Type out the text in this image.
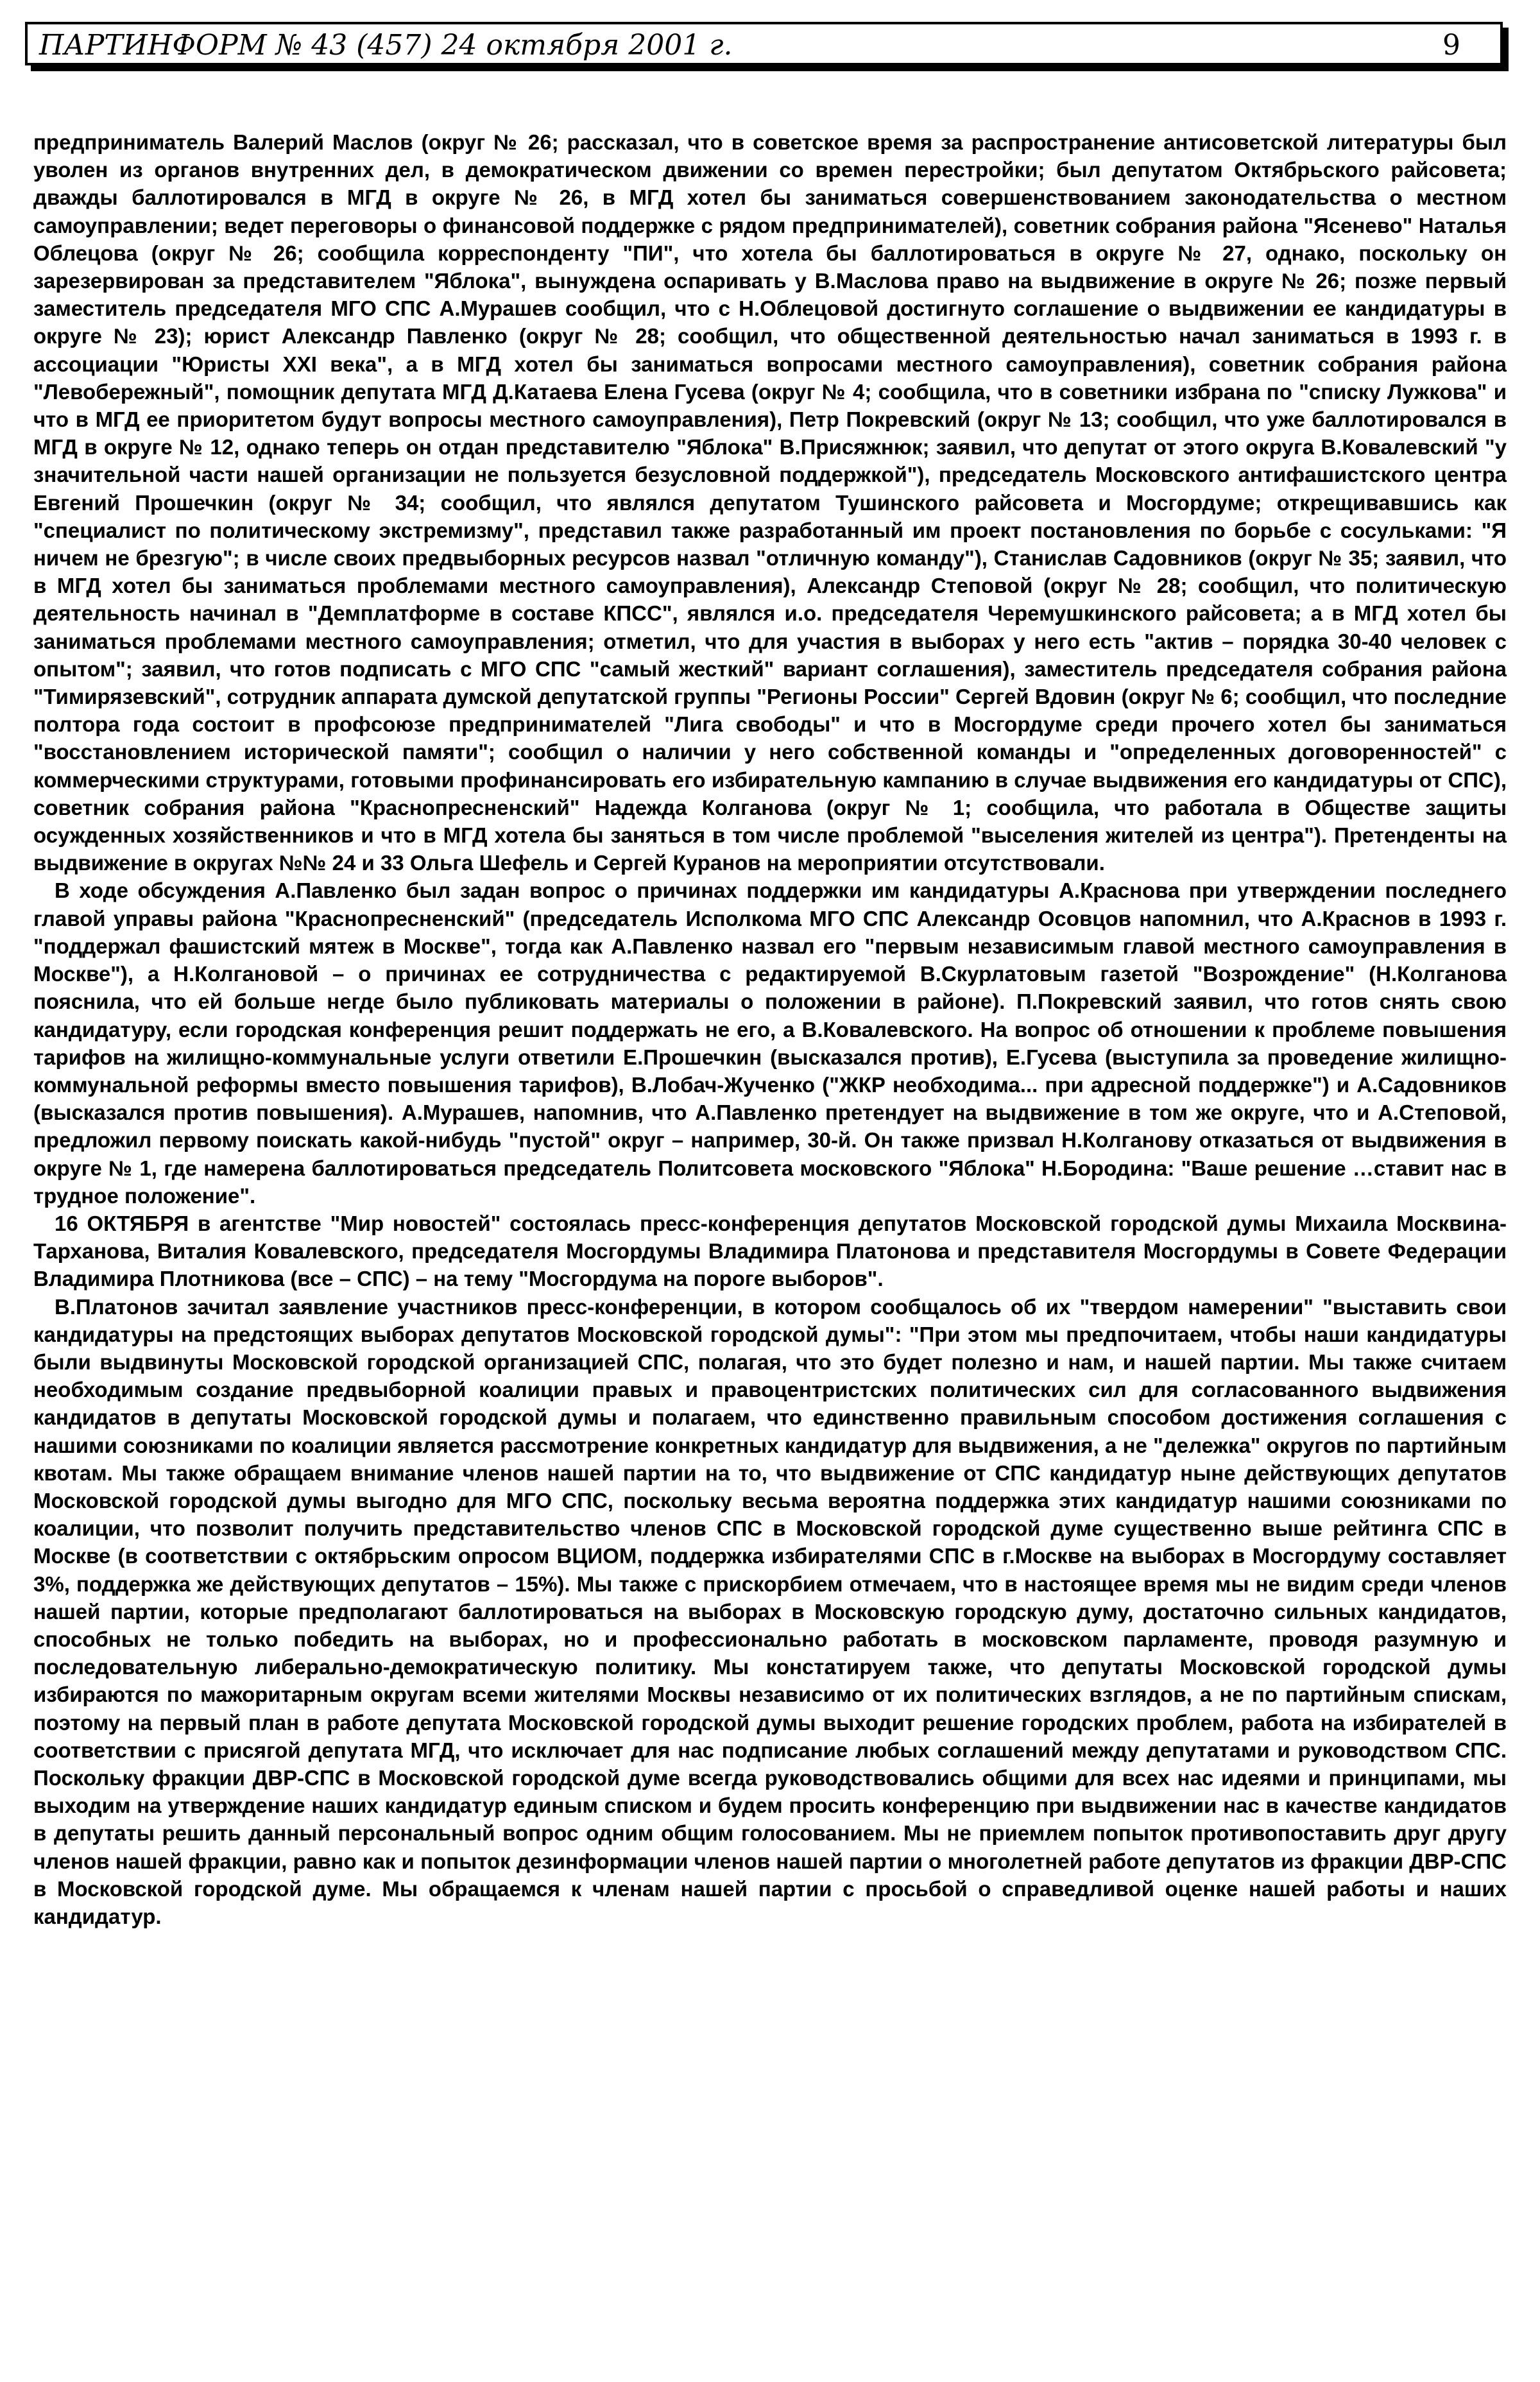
ПАРТИНФОРМ № 43 (457) 24 октября 2001 г.	9

предприниматель Валерий Маслов (округ № 26; рассказал, что в советское время за распространение антисоветской литературы был уволен из органов внутренних дел, в демократическом движении со времен перестройки; был депутатом Октябрьского райсовета; дважды баллотировался в МГД в округе № 26, в МГД хотел бы заниматься совершенствованием законодательства о местном самоуправлении; ведет переговоры о финансовой поддержке с рядом предпринимателей), советник собрания района "Ясенево" Наталья Облецова (округ № 26; сообщила корреспонденту "ПИ", что хотела бы баллотироваться в округе № 27, однако, поскольку он зарезервирован за представителем "Яблока", вынуждена оспаривать у В.Маслова право на выдвижение в округе № 26; позже первый заместитель председателя МГО СПС А.Мурашев сообщил, что с Н.Облецовой достигнуто соглашение о выдвижении ее кандидатуры в округе № 23); юрист Александр Павленко (округ № 28; сообщил, что общественной деятельностью начал заниматься в 1993 г. в ассоциации "Юристы XXI века", а в МГД хотел бы заниматься вопросами местного самоуправления), советник собрания района "Левобережный", помощник депутата МГД Д.Катаева Елена Гусева (округ № 4; сообщила, что в советники избрана по "списку Лужкова" и что в МГД ее приоритетом будут вопросы местного самоуправления), Петр Покревский (округ № 13; сообщил, что уже баллотировался в МГД в округе № 12, однако теперь он отдан представителю "Яблока" В.Присяжнюк; заявил, что депутат от этого округа В.Ковалевский "у значительной части нашей организации не пользуется безусловной поддержкой"), председатель Московского антифашистского центра Евгений Прошечкин (округ № 34; сообщил, что являлся депутатом Тушинского райсовета и Мосгордуме; открещивавшись как "специалист по политическому экстремизму", представил также разработанный им проект постановления по борьбе с сосульками: "Я ничем не брезгую"; в числе своих предвыборных ресурсов назвал "отличную команду"), Станислав Садовников (округ № 35; заявил, что в МГД хотел бы заниматься проблемами местного самоуправления), Александр Степовой (округ № 28; сообщил, что политическую деятельность начинал в "Демплатформе в составе КПСС", являлся и.о. председателя Черемушкинского райсовета; а в МГД хотел бы заниматься проблемами местного самоуправления; отметил, что для участия в выборах у него есть "актив – порядка 30-40 человек с опытом"; заявил, что готов подписать с МГО СПС "самый жесткий" вариант соглашения), заместитель председателя собрания района "Тимирязевский", сотрудник аппарата думской депутатской группы "Регионы России" Сергей Вдовин (округ № 6; сообщил, что последние полтора года состоит в профсоюзе предпринимателей "Лига свободы" и что в Мосгордуме среди прочего хотел бы заниматься "восстановлением исторической памяти"; сообщил о наличии у него собственной команды и "определенных договоренностей" с коммерческими структурами, готовыми профинансировать его избирательную кампанию в случае выдвижения его кандидатуры от СПС), советник собрания района "Краснопресненский" Надежда Колганова (округ № 1; сообщила, что работала в Обществе защиты осужденных хозяйственников и что в МГД хотела бы заняться в том числе проблемой "выселения жителей из центра"). Претенденты на выдвижение в округах №№ 24 и 33 Ольга Шефель и Сергей Куранов на мероприятии отсутствовали.

В ходе обсуждения А.Павленко был задан вопрос о причинах поддержки им кандидатуры А.Краснова при утверждении последнего главой управы района "Краснопресненский" (председатель Исполкома МГО СПС Александр Осовцов напомнил, что А.Краснов в 1993 г. "поддержал фашистский мятеж в Москве", тогда как А.Павленко назвал его "первым независимым главой местного самоуправления в Москве"), а Н.Колгановой – о причинах ее сотрудничества с редактируемой В.Скурлатовым газетой "Возрождение" (Н.Колганова пояснила, что ей больше негде было публиковать материалы о положении в районе). П.Покревский заявил, что готов снять свою кандидатуру, если городская конференция решит поддержать не его, а В.Ковалевского. На вопрос об отношении к проблеме повышения тарифов на жилищно-коммунальные услуги ответили Е.Прошечкин (высказался против), Е.Гусева (выступила за проведение жилищно-коммунальной реформы вместо повышения тарифов), В.Лобач-Жученко ("ЖКР необходима... при адресной поддержке") и А.Садовников (высказался против повышения). А.Мурашев, напомнив, что А.Павленко претендует на выдвижение в том же округе, что и А.Степовой, предложил первому поискать какой-нибудь "пустой" округ – например, 30-й. Он также призвал Н.Колганову отказаться от выдвижения в округе № 1, где намерена баллотироваться председатель Политсовета московского "Яблока" Н.Бородина: "Ваше решение …ставит нас в трудное положение".

16 ОКТЯБРЯ в агентстве "Мир новостей" состоялась пресс-конференция депутатов Московской городской думы Михаила Москвина-Тарханова, Виталия Ковалевского, председателя Мосгордумы Владимира Платонова и представителя Мосгордумы в Совете Федерации Владимира Плотникова (все – СПС) – на тему "Мосгордума на пороге выборов".

В.Платонов зачитал заявление участников пресс-конференции, в котором сообщалось об их "твердом намерении" "выставить свои кандидатуры на предстоящих выборах депутатов Московской городской думы": "При этом мы предпочитаем, чтобы наши кандидатуры были выдвинуты Московской городской организацией СПС, полагая, что это будет полезно и нам, и нашей партии. Мы также считаем необходимым создание предвыборной коалиции правых и правоцентристских политических сил для согласованного выдвижения кандидатов в депутаты Московской городской думы и полагаем, что единственно правильным способом достижения соглашения с нашими союзниками по коалиции является рассмотрение конкретных кандидатур для выдвижения, а не "дележка" округов по партийным квотам. Мы также обращаем внимание членов нашей партии на то, что выдвижение от СПС кандидатур ныне действующих депутатов Московской городской думы выгодно для МГО СПС, поскольку весьма вероятна поддержка этих кандидатур нашими союзниками по коалиции, что позволит получить представительство членов СПС в Московской городской думе существенно выше рейтинга СПС в Москве (в соответствии с октябрьским опросом ВЦИОМ, поддержка избирателями СПС в г.Москве на выборах в Мосгордуму составляет 3%, поддержка же действующих депутатов – 15%). Мы также с прискорбием отмечаем, что в настоящее время мы не видим среди членов нашей партии, которые предполагают баллотироваться на выборах в Московскую городскую думу, достаточно сильных кандидатов, способных не только победить на выборах, но и профессионально работать в московском парламенте, проводя разумную и последовательную либерально-демократическую политику. Мы констатируем также, что депутаты Московской городской думы избираются по мажоритарным округам всеми жителями Москвы независимо от их политических взглядов, а не по партийным спискам, поэтому на первый план в работе депутата Московской городской думы выходит решение городских проблем, работа на избирателей в соответствии с присягой депутата МГД, что исключает для нас подписание любых соглашений между депутатами и руководством СПС. Поскольку фракции ДВР-СПС в Московской городской думе всегда руководствовались общими для всех нас идеями и принципами, мы выходим на утверждение наших кандидатур единым списком и будем просить конференцию при выдвижении нас в качестве кандидатов в депутаты решить данный персональный вопрос одним общим голосованием. Мы не приемлем попыток противопоставить друг другу членов нашей фракции, равно как и попыток дезинформации членов нашей партии о многолетней работе депутатов из фракции ДВР-СПС в Московской городской думе. Мы обращаемся к членам нашей партии с просьбой о справедливой оценке нашей работы и наших кандидатур.
